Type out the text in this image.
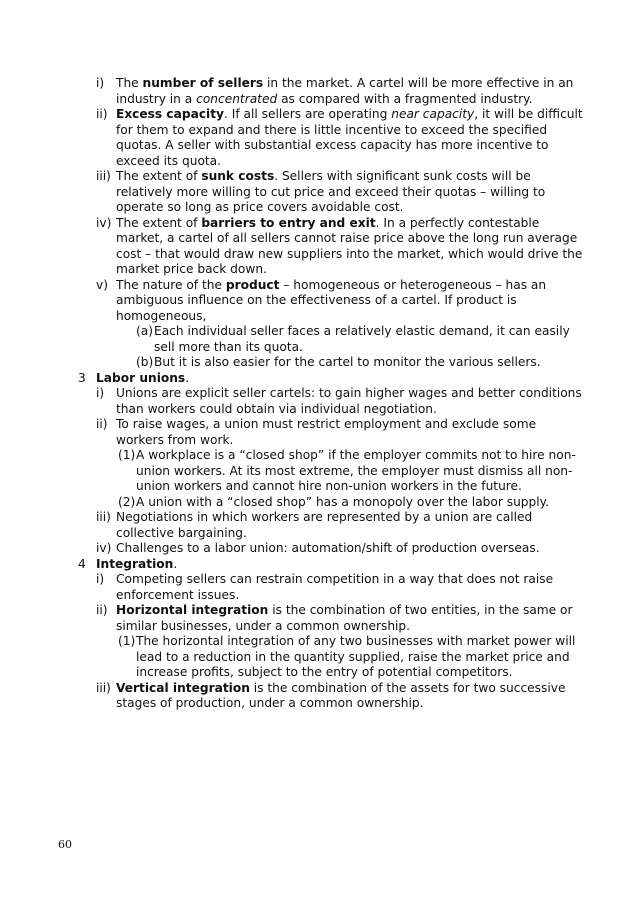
i) The number of sellers in the market. A cartel will be more effective in an industry in a concentrated as compared with a fragmented industry.
ii) Excess capacity. If all sellers are operating near capacity, it will be difficult for them to expand and there is little incentive to exceed the specified quotas. A seller with substantial excess capacity has more incentive to exceed its quota.
iii) The extent of sunk costs. Sellers with significant sunk costs will be relatively more willing to cut price and exceed their quotas – willing to operate so long as price covers avoidable cost.
iv) The extent of barriers to entry and exit. In a perfectly contestable market, a cartel of all sellers cannot raise price above the long run average cost – that would draw new suppliers into the market, which would drive the market price back down.
v) The nature of the product – homogeneous or heterogeneous – has an ambiguous influence on the effectiveness of a cartel. If product is homogeneous,
(a) Each individual seller faces a relatively elastic demand, it can easily sell more than its quota.
(b) But it is also easier for the cartel to monitor the various sellers.
3 Labor unions.
i) Unions are explicit seller cartels: to gain higher wages and better conditions than workers could obtain via individual negotiation.
ii) To raise wages, a union must restrict employment and exclude some workers from work.
(1) A workplace is a “closed shop” if the employer commits not to hire non-union workers. At its most extreme, the employer must dismiss all non-union workers and cannot hire non-union workers in the future.
(2) A union with a “closed shop” has a monopoly over the labor supply.
iii) Negotiations in which workers are represented by a union are called collective bargaining.
iv) Challenges to a labor union: automation/shift of production overseas.
4 Integration.
i) Competing sellers can restrain competition in a way that does not raise enforcement issues.
ii) Horizontal integration is the combination of two entities, in the same or similar businesses, under a common ownership.
(1) The horizontal integration of any two businesses with market power will lead to a reduction in the quantity supplied, raise the market price and increase profits, subject to the entry of potential competitors.
iii) Vertical integration is the combination of the assets for two successive stages of production, under a common ownership.
60
